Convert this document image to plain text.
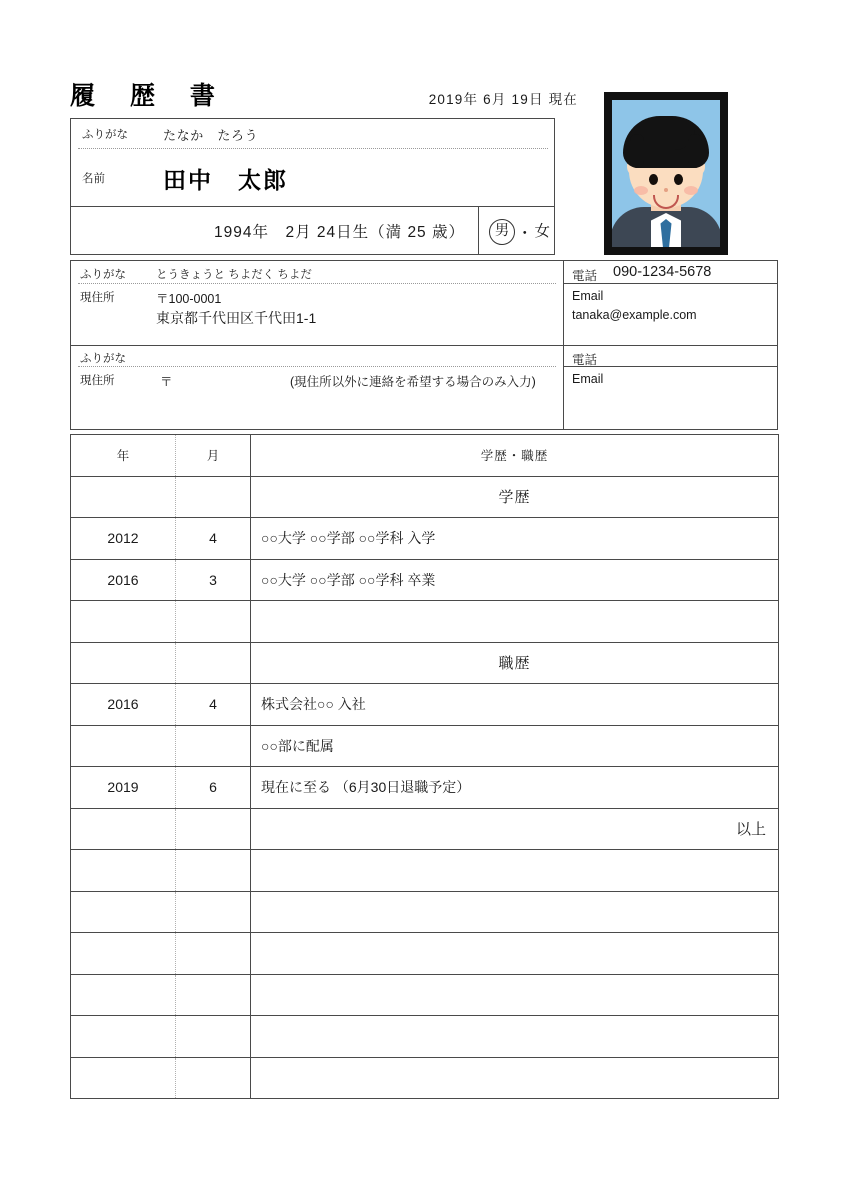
履 歴 書	2019年 6月 19日 現在
ふりがな	たなか　たろう
名前	田中　太郎
1994年　2月 24日生（満 25 歳）	男 ・ 女
ふりがな	とうきょうと ちよだく ちよだ
現住所	〒100-0001
東京都千代田区千代田1-1
電話 090-1234-5678
Email
tanaka@example.com
ふりがな
現住所	〒	(現住所以外に連絡を希望する場合のみ入力)
電話
Email
年	月	学歴・職歴
		学歴
2012	4	○○大学 ○○学部 ○○学科 入学
2016	3	○○大学 ○○学部 ○○学科 卒業

		職歴
2016	4	株式会社○○ 入社
		○○部に配属
2019	6	現在に至る （6月30日退職予定）
		以上
